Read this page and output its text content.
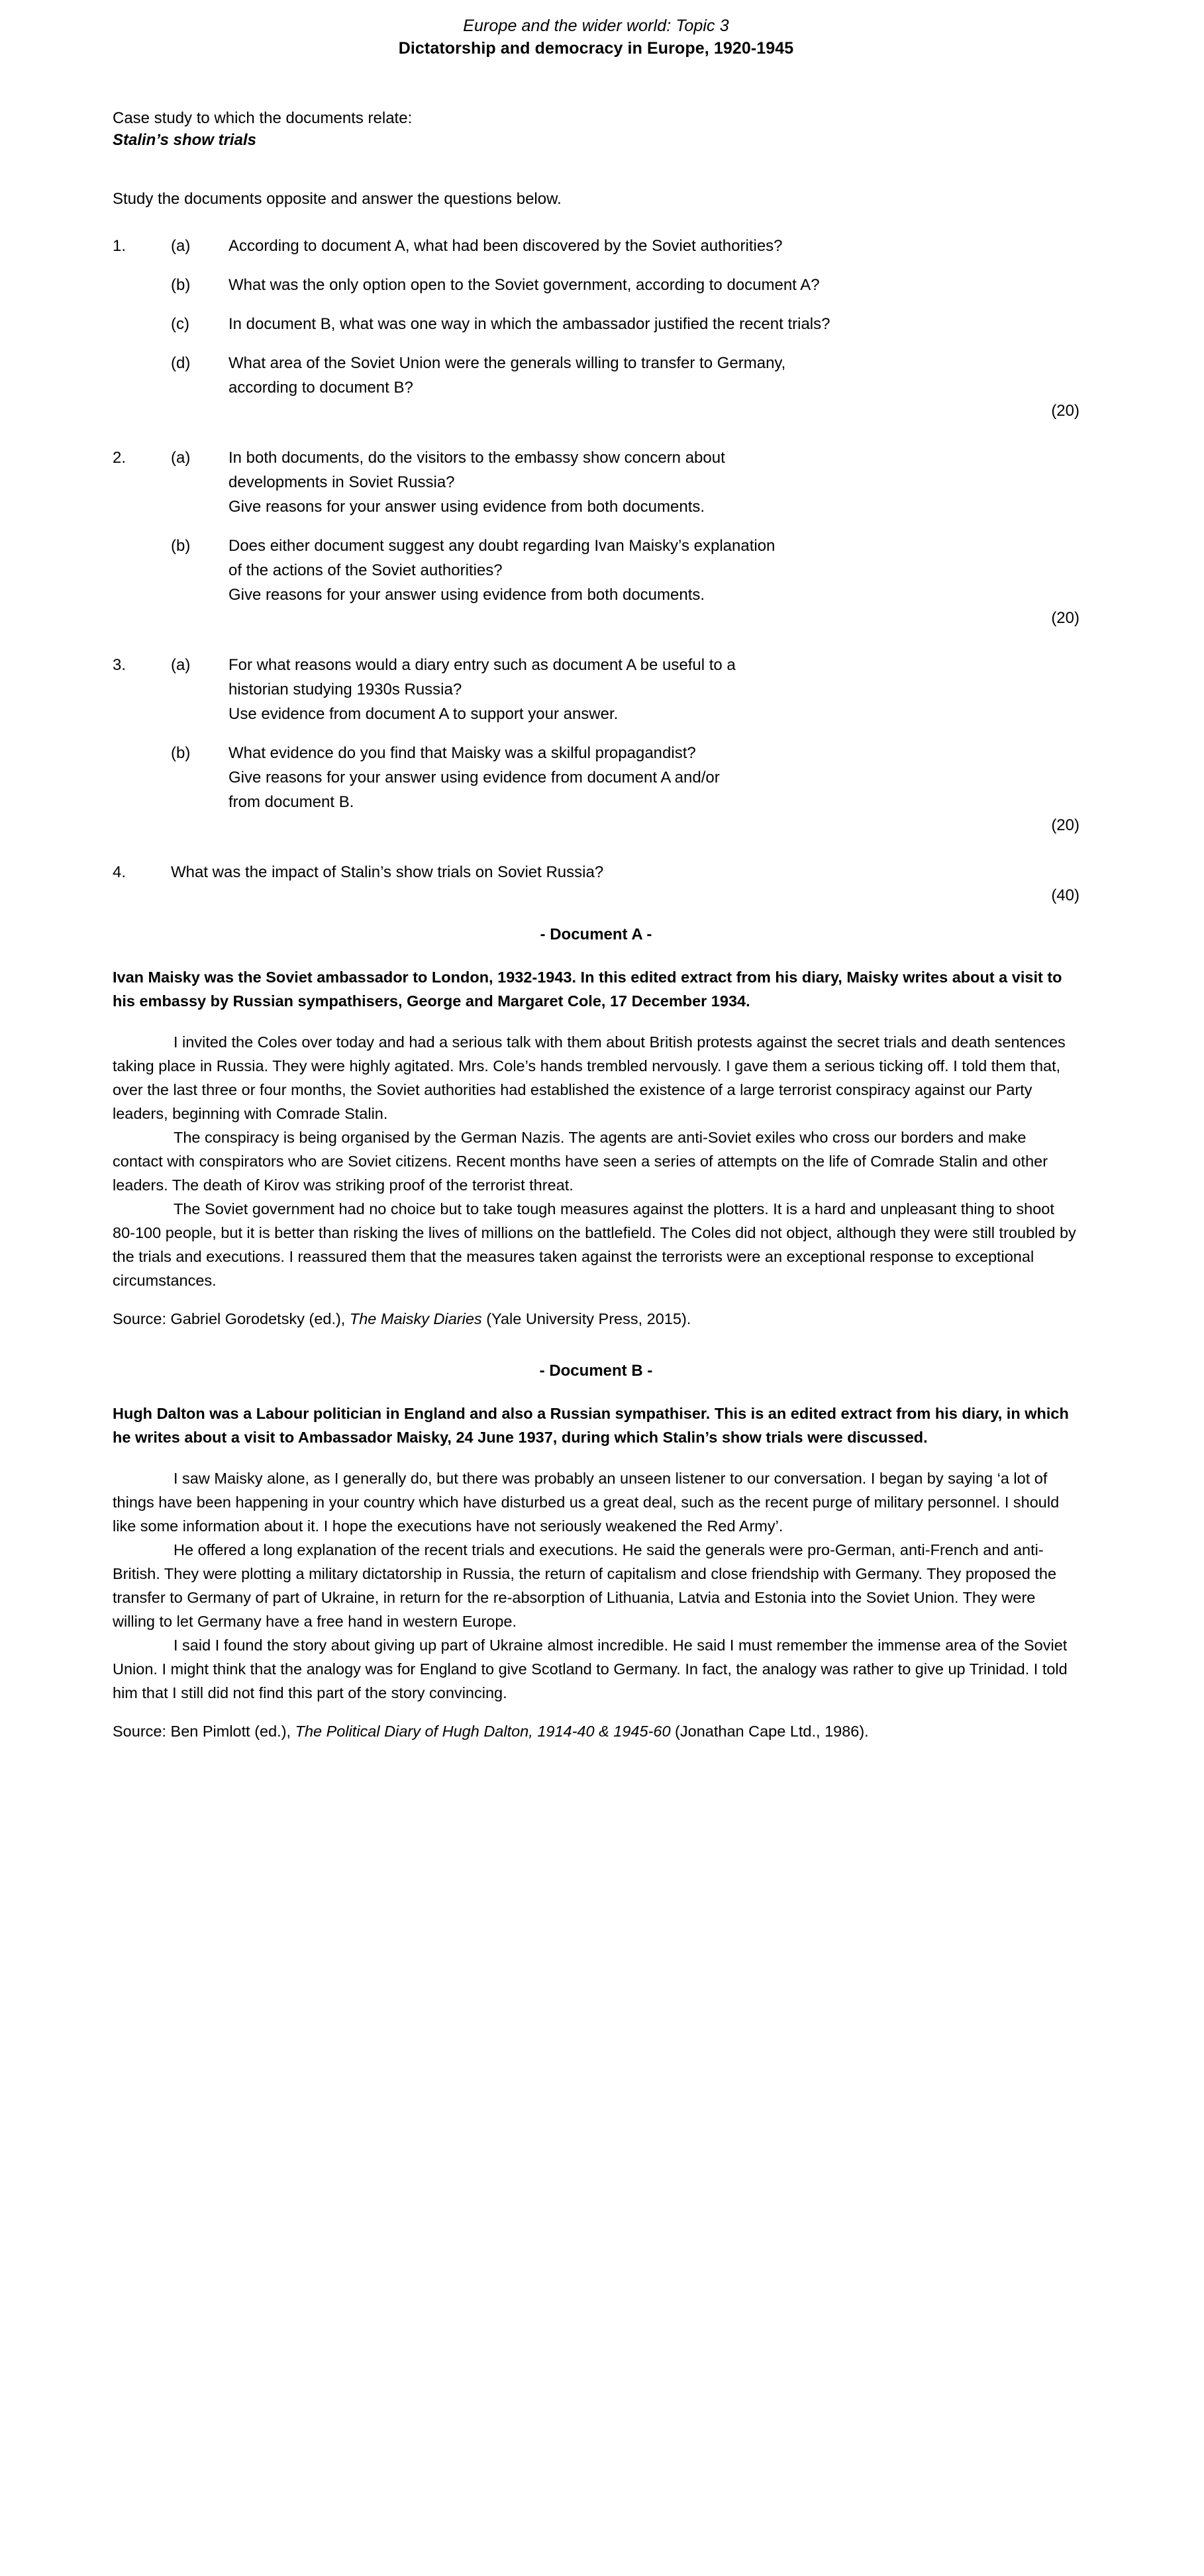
Europe and the wider world: Topic 3

Dictatorship and democracy in Europe, 1920-1945

Case study to which the documents relate:

Stalin’s show trials

Study the documents opposite and answer the questions below.

1.	(a)	According to document A, what had been discovered by the Soviet authorities?
(b)	What was the only option open to the Soviet government, according to document A?
(c)	In document B, what was one way in which the ambassador justified the recent trials?
(d)	What area of the Soviet Union were the generals willing to transfer to Germany,
according to document B?
(20)
2.	(a)	In both documents, do the visitors to the embassy show concern about
developments in Soviet Russia?
Give reasons for your answer using evidence from both documents.
(b)	Does either document suggest any doubt regarding Ivan Maisky’s explanation
of the actions of the Soviet authorities?
Give reasons for your answer using evidence from both documents.
(20)
3.	(a)	For what reasons would a diary entry such as document A be useful to a
historian studying 1930s Russia?
Use evidence from document A to support your answer.
(b)	What evidence do you find that Maisky was a skilful propagandist?
Give reasons for your answer using evidence from document A and/or
from document B.
(20)
4.	What was the impact of Stalin’s show trials on Soviet Russia?
(40)

- Document A -

Ivan Maisky was the Soviet ambassador to London, 1932-1943. In this edited extract from his diary, Maisky writes about a visit to his embassy by Russian sympathisers, George and Margaret Cole, 17 December 1934.

I invited the Coles over today and had a serious talk with them about British protests against the secret trials and death sentences taking place in Russia. They were highly agitated. Mrs. Cole’s hands trembled nervously. I gave them a serious ticking off. I told them that, over the last three or four months, the Soviet authorities had established the existence of a large terrorist conspiracy against our Party leaders, beginning with Comrade Stalin.

The conspiracy is being organised by the German Nazis. The agents are anti-Soviet exiles who cross our borders and make contact with conspirators who are Soviet citizens. Recent months have seen a series of attempts on the life of Comrade Stalin and other leaders. The death of Kirov was striking proof of the terrorist threat.

The Soviet government had no choice but to take tough measures against the plotters. It is a hard and unpleasant thing to shoot 80-100 people, but it is better than risking the lives of millions on the battlefield. The Coles did not object, although they were still troubled by the trials and executions. I reassured them that the measures taken against the terrorists were an exceptional response to exceptional circumstances.

Source: Gabriel Gorodetsky (ed.), The Maisky Diaries (Yale University Press, 2015).

- Document B -

Hugh Dalton was a Labour politician in England and also a Russian sympathiser. This is an edited extract from his diary, in which he writes about a visit to Ambassador Maisky, 24 June 1937, during which Stalin’s show trials were discussed.

I saw Maisky alone, as I generally do, but there was probably an unseen listener to our conversation. I began by saying ‘a lot of things have been happening in your country which have disturbed us a great deal, such as the recent purge of military personnel. I should like some information about it. I hope the executions have not seriously weakened the Red Army’.

He offered a long explanation of the recent trials and executions. He said the generals were pro-German, anti-French and anti-British. They were plotting a military dictatorship in Russia, the return of capitalism and close friendship with Germany. They proposed the transfer to Germany of part of Ukraine, in return for the re-absorption of Lithuania, Latvia and Estonia into the Soviet Union. They were willing to let Germany have a free hand in western Europe.

I said I found the story about giving up part of Ukraine almost incredible. He said I must remember the immense area of the Soviet Union. I might think that the analogy was for England to give Scotland to Germany. In fact, the analogy was rather to give up Trinidad. I told him that I still did not find this part of the story convincing.

Source: Ben Pimlott (ed.), The Political Diary of Hugh Dalton, 1914-40 & 1945-60 (Jonathan Cape Ltd., 1986).
